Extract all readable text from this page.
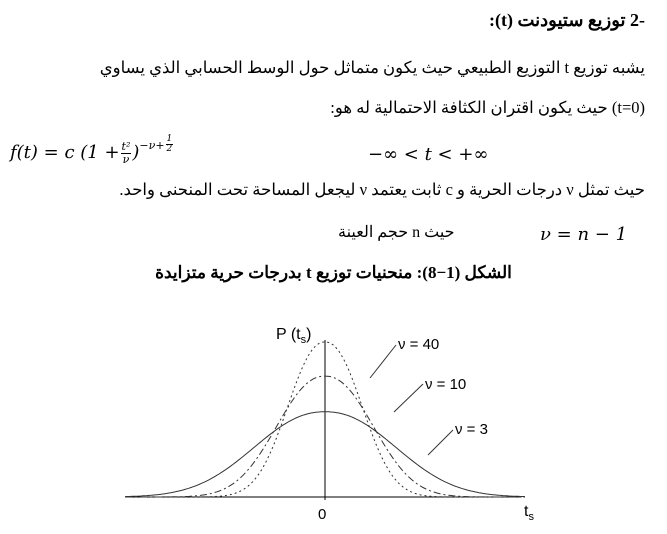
-2 توزيع ستيودنت (t):
يشبه توزيع t التوزيع الطبيعي حيث يكون متماثل حول الوسط الحسابي الذي يساوي
(t=0) حيث يكون اقتران الكثافة الاحتمالية له هو:
f(t) = c $(1 + \frac{\text{t²}}{\nu} )^{-\nu+ \frac{1}{2}}$	−∞ < t < +∞
حيث تمثل ν درجات الحرية و c ثابت يعتمد ν ليجعل المساحة تحت المنحنى واحد.
حيث n حجم العينة	ν = n − 1
الشكل (1−8): منحنيات توزيع t بدرجات حرية متزايدة
P $(t_s)$
0	$t_s$
ν = 40
ν = 10
ν = 3
